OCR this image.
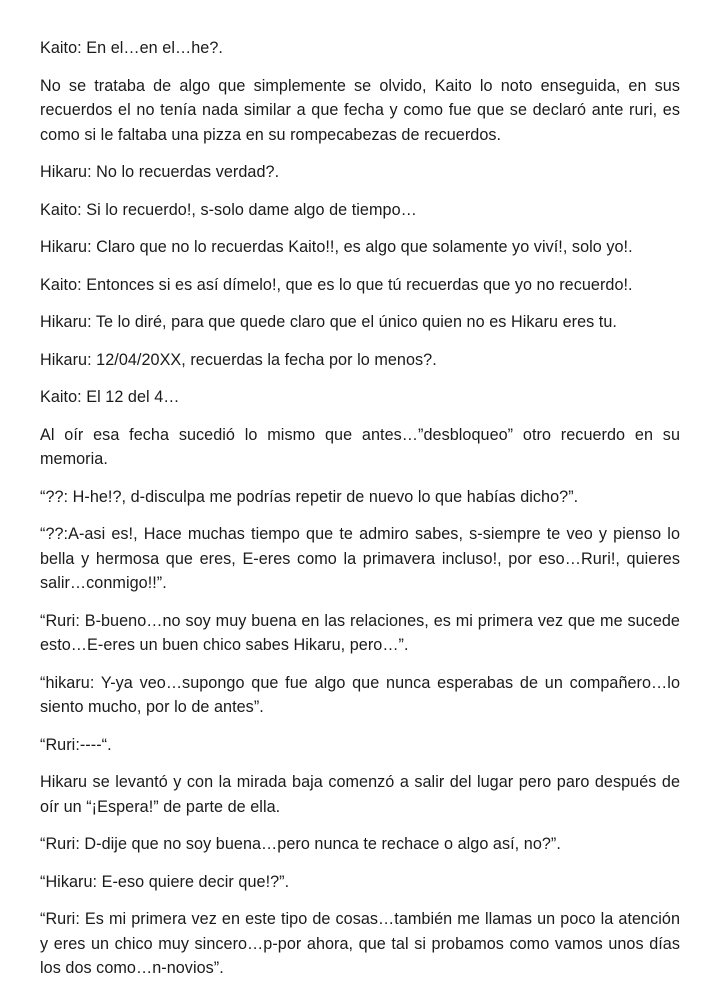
Kaito: En el…en el…he?.

No se trataba de algo que simplemente se olvido, Kaito lo noto enseguida, en sus recuerdos el no tenía nada similar a que fecha y como fue que se declaró ante ruri, es como si le faltaba una pizza en su rompecabezas de recuerdos.

Hikaru: No lo recuerdas verdad?.

Kaito: Si lo recuerdo!, s-solo dame algo de tiempo…

Hikaru: Claro que no lo recuerdas Kaito!!, es algo que solamente yo viví!, solo yo!.

Kaito: Entonces si es así dímelo!, que es lo que tú recuerdas que yo no recuerdo!.

Hikaru: Te lo diré, para que quede claro que el único quien no es Hikaru eres tu.

Hikaru: 12/04/20XX, recuerdas la fecha por lo menos?.

Kaito: El 12 del 4…

Al oír esa fecha sucedió lo mismo que antes…”desbloqueo” otro recuerdo en su memoria.

“??: H-he!?, d-disculpa me podrías repetir de nuevo lo que habías dicho?”.

“??:A-asi es!, Hace muchas tiempo que te admiro sabes, s-siempre te veo y pienso lo bella y hermosa que eres, E-eres como la primavera incluso!, por eso…Ruri!, quieres salir…conmigo!!”.

“Ruri: B-bueno…no soy muy buena en las relaciones, es mi primera vez que me sucede esto…E-eres un buen chico sabes Hikaru, pero…”.

“hikaru: Y-ya veo…supongo que fue algo que nunca esperabas de un compañero…lo siento mucho, por lo de antes”.

“Ruri:----“.

Hikaru se levantó y con la mirada baja comenzó a salir del lugar pero paro después de oír un “¡Espera!” de parte de ella.

“Ruri: D-dije que no soy buena…pero nunca te rechace o algo así, no?”.

“Hikaru: E-eso quiere decir que!?”.

“Ruri: Es mi primera vez en este tipo de cosas…también me llamas un poco la atención y eres un chico muy sincero…p-por ahora, que tal si probamos como vamos unos días los dos como…n-novios”.
